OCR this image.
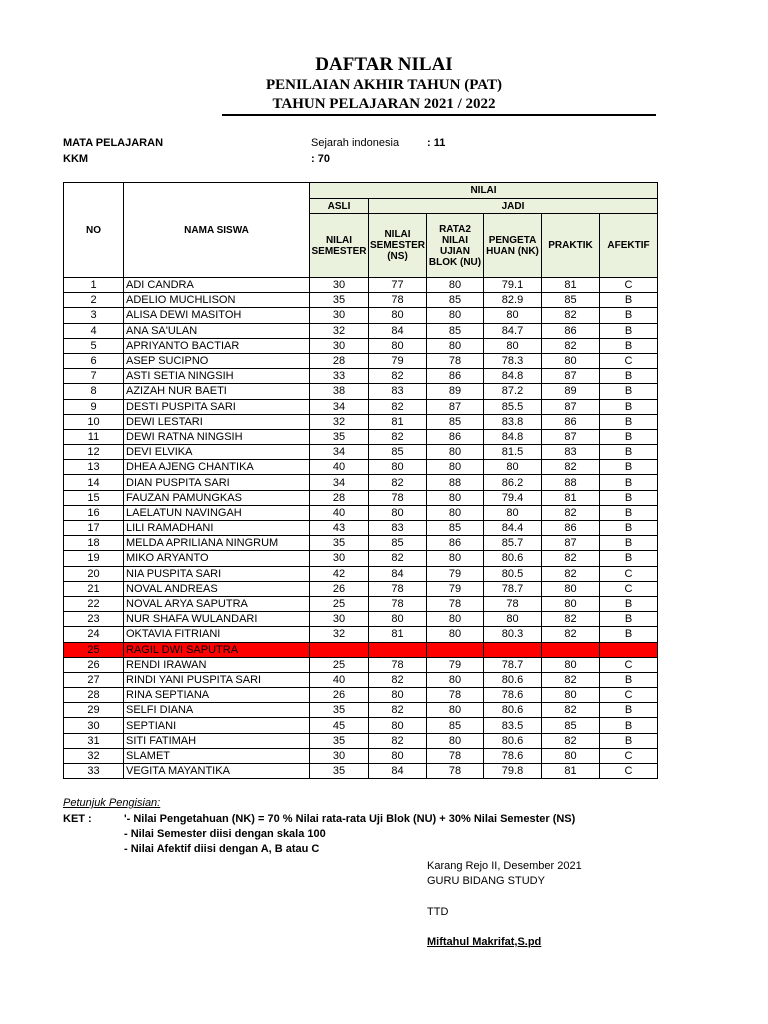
DAFTAR NILAI
PENILAIAN AKHIR TAHUN (PAT)
TAHUN PELAJARAN 2021 / 2022
MATA PELAJARAN	Sejarah indonesia	: 11
KKM	: 70
NO	NAMA SISWA	NILAI					
		ASLI	JADI				
		NILAI SEMESTER	NILAI SEMESTER (NS)	RATA2 NILAI UJIAN BLOK (NU)	PENGETA HUAN (NK)	PRAKTIK	AFEKTIF
1	ADI CANDRA	30	77	80	79.1	81	C
2	ADELIO MUCHLISON	35	78	85	82.9	85	B
3	ALISA DEWI MASITOH	30	80	80	80	82	B
4	ANA SA'ULAN	32	84	85	84.7	86	B
5	APRIYANTO BACTIAR	30	80	80	80	82	B
6	ASEP SUCIPNO	28	79	78	78.3	80	C
7	ASTI SETIA NINGSIH	33	82	86	84.8	87	B
8	AZIZAH NUR BAETI	38	83	89	87.2	89	B
9	DESTI PUSPITA SARI	34	82	87	85.5	87	B
10	DEWI LESTARI	32	81	85	83.8	86	B
11	DEWI RATNA NINGSIH	35	82	86	84.8	87	B
12	DEVI ELVIKA	34	85	80	81.5	83	B
13	DHEA AJENG CHANTIKA	40	80	80	80	82	B
14	DIAN PUSPITA SARI	34	82	88	86.2	88	B
15	FAUZAN PAMUNGKAS	28	78	80	79.4	81	B
16	LAELATUN NAVINGAH	40	80	80	80	82	B
17	LILI RAMADHANI	43	83	85	84.4	86	B
18	MELDA APRILIANA NINGRUM	35	85	86	85.7	87	B
19	MIKO ARYANTO	30	82	80	80.6	82	B
20	NIA PUSPITA SARI	42	84	79	80.5	82	C
21	NOVAL ANDREAS	26	78	79	78.7	80	C
22	NOVAL ARYA SAPUTRA	25	78	78	78	80	B
23	NUR SHAFA WULANDARI	30	80	80	80	82	B
24	OKTAVIA FITRIANI	32	81	80	80.3	82	B
25	RAGIL DWI SAPUTRA						
26	RENDI IRAWAN	25	78	79	78.7	80	C
27	RINDI YANI PUSPITA SARI	40	82	80	80.6	82	B
28	RINA SEPTIANA	26	80	78	78.6	80	C
29	SELFI DIANA	35	82	80	80.6	82	B
30	SEPTIANI	45	80	85	83.5	85	B
31	SITI FATIMAH	35	82	80	80.6	82	B
32	SLAMET	30	80	78	78.6	80	C
33	VEGITA MAYANTIKA	35	84	78	79.8	81	C
Petunjuk Pengisian:
KET :	'- Nilai Pengetahuan (NK) = 70 % Nilai rata-rata Uji Blok (NU) + 30% Nilai Semester (NS)
- Nilai Semester diisi dengan skala 100
- Nilai Afektif diisi dengan A, B atau C
Karang Rejo II, Desember 2021
GURU BIDANG STUDY
TTD
Miftahul Makrifat,S.pd
